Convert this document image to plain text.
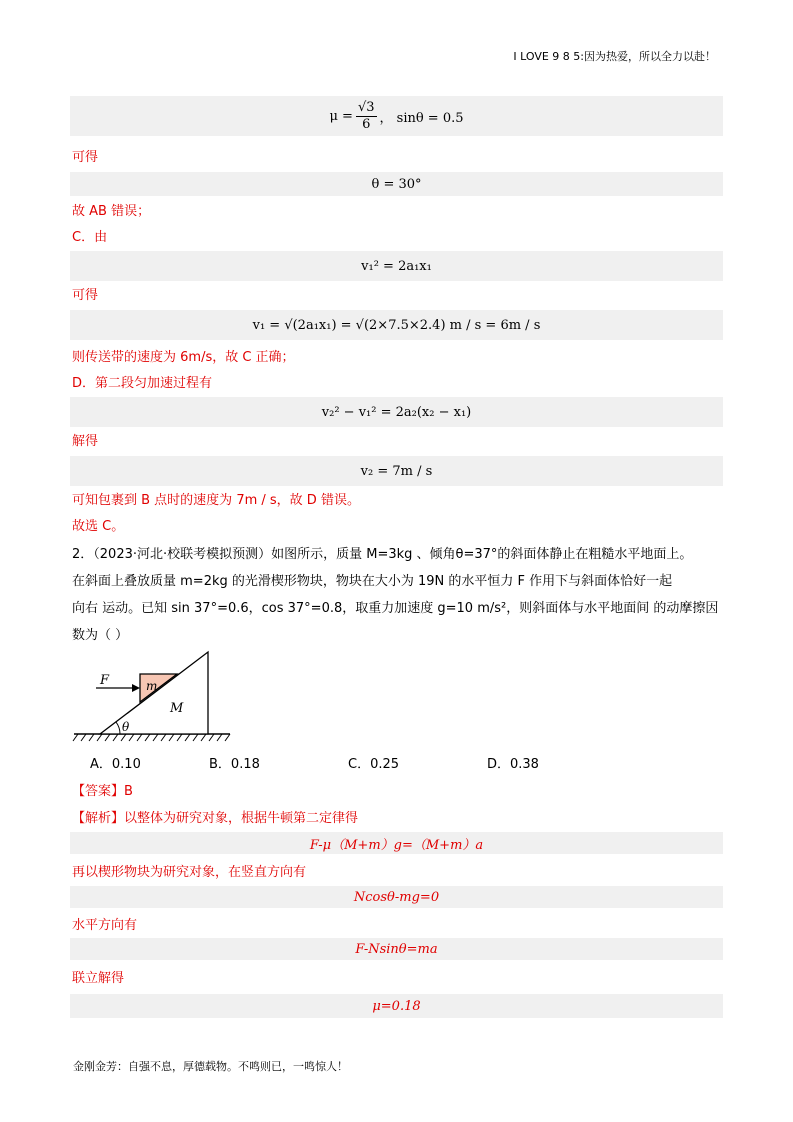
I LOVE 9 8 5:因为热爱，所以全力以赴！
$\mu = \frac{√3}{6}$ ， sinθ = 0.5
可得
θ = 30°
故 AB 错误；
C．由
v₁² = 2a₁x₁
可得
v₁ = √(2a₁x₁) = √(2×7.5×2.4) m / s = 6m / s
则传送带的速度为 6m/s，故 C 正确；
D．第二段匀加速过程有
v₂² − v₁² = 2a₂(x₂ − x₁)
解得
v₂ = 7m / s
可知包裹到 B 点时的速度为 7m / s，故 D 错误。
故选 C。
2．（2023·河北·校联考模拟预测）如图所示，质量 M=3kg 、倾角θ=37°的斜面体静止在粗糙水平地面上。
在斜面上叠放质量 m=2kg 的光滑楔形物块，物块在大小为 19N 的水平恒力 F 作用下与斜面体恰好一起
向右 运动。已知 sin 37°=0.6，cos 37°=0.8，取重力加速度 g=10 m/s²，则斜面体与水平地面间 的动摩擦因
数为（ ）
F	m
M
θ
A．0.10	B．0.18	C．0.25	D．0.38
【答案】B
【解析】以整体为研究对象，根据牛顿第二定律得
F-μ（M+m）g=（M+m）a
再以楔形物块为研究对象，在竖直方向有
Ncosθ-mg=0
水平方向有
F-Nsinθ=ma
联立解得
μ=0.18
金刚金芳：自强不息，厚德载物。不鸣则已，一鸣惊人！
